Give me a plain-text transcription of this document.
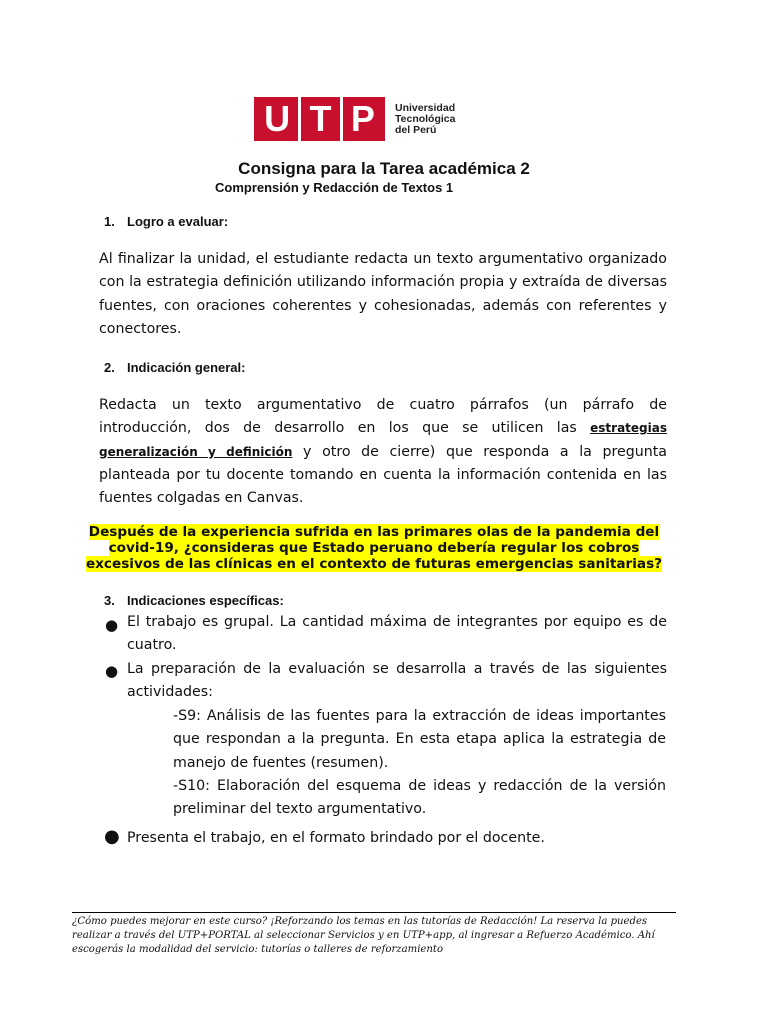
U T P Universidad
Tecnológica
del Perú
Consigna para la Tarea académica 2
Comprensión y Redacción de Textos 1
1. Logro a evaluar:
Al finalizar la unidad, el estudiante redacta un texto argumentativo organizado con la estrategia definición utilizando información propia y extraída de diversas fuentes, con oraciones coherentes y cohesionadas, además con referentes y conectores.
2. Indicación general:
Redacta un texto argumentativo de cuatro párrafos (un párrafo de introducción, dos de desarrollo en los que se utilicen las estrategias generalización y definición y otro de cierre) que responda a la pregunta planteada por tu docente tomando en cuenta la información contenida en las fuentes colgadas en Canvas.
Después de la experiencia sufrida en las primares olas de la pandemia del
covid-19, ¿consideras que Estado peruano debería regular los cobros
excesivos de las clínicas en el contexto de futuras emergencias sanitarias?
3. Indicaciones específicas:
● El trabajo es grupal. La cantidad máxima de integrantes por equipo es de cuatro.
● La preparación de la evaluación se desarrolla a través de las siguientes actividades:
-S9: Análisis de las fuentes para la extracción de ideas importantes que respondan a la pregunta. En esta etapa aplica la estrategia de manejo de fuentes (resumen).
-S10: Elaboración del esquema de ideas y redacción de la versión preliminar del texto argumentativo.
● Presenta el trabajo, en el formato brindado por el docente.
¿Cómo puedes mejorar en este curso? ¡Reforzando los temas en las tutorías de Redacción! La reserva la puedes
realizar a través del UTP+PORTAL al seleccionar Servicios y en UTP+app, al ingresar a Refuerzo Académico. Ahí
escogerás la modalidad del servicio: tutorías o talleres de reforzamiento
